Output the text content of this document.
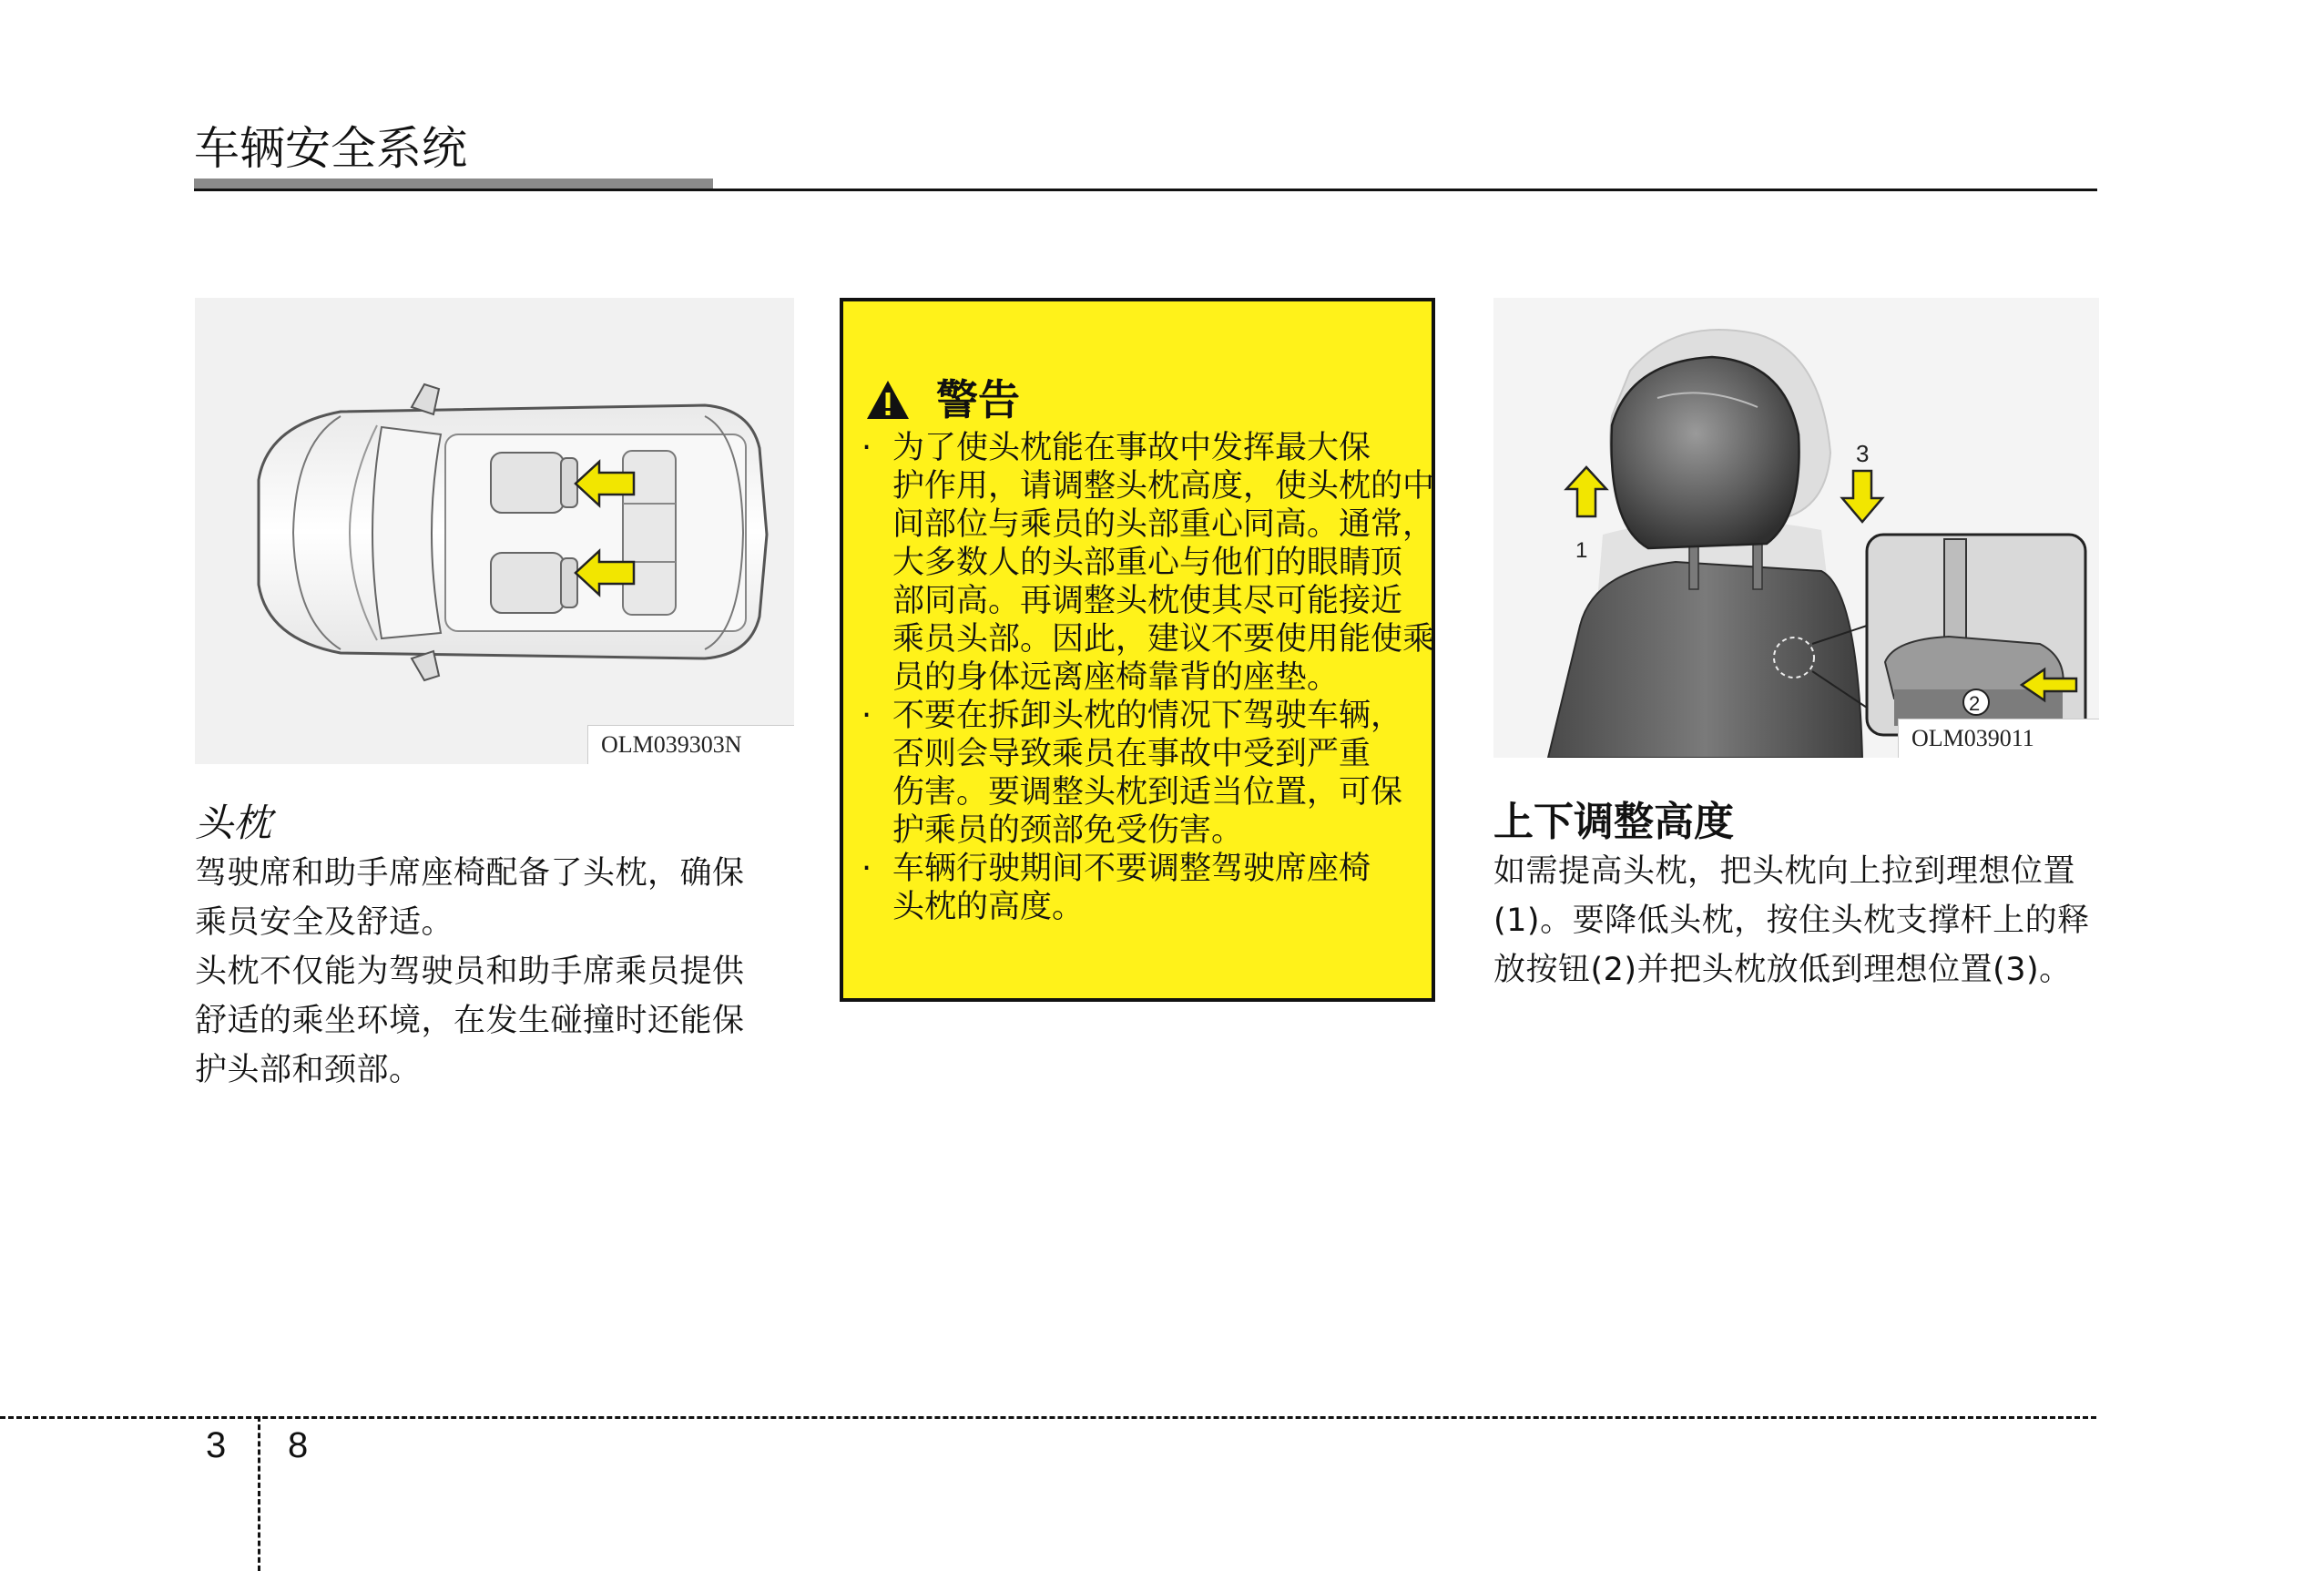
车辆安全系统
OLM039303N
头枕
驾驶席和助手席座椅配备了头枕，确保
乘员安全及舒适。
头枕不仅能为驾驶员和助手席乘员提供
舒适的乘坐环境，在发生碰撞时还能保
护头部和颈部。
警告
· 为了使头枕能在事故中发挥最大保
护作用，请调整头枕高度，使头枕的中
间部位与乘员的头部重心同高。通常，
大多数人的头部重心与他们的眼睛顶
部同高。再调整头枕使其尽可能接近
乘员头部。因此，建议不要使用能使乘
员的身体远离座椅靠背的座垫。
· 不要在拆卸头枕的情况下驾驶车辆，
否则会导致乘员在事故中受到严重
伤害。要调整头枕到适当位置，可保
护乘员的颈部免受伤害。
· 车辆行驶期间不要调整驾驶席座椅
头枕的高度。
1
3
2
OLM039011
上下调整高度
如需提高头枕，把头枕向上拉到理想位置
(1)。要降低头枕，按住头枕支撑杆上的释
放按钮(2)并把头枕放低到理想位置(3)。
3 8
